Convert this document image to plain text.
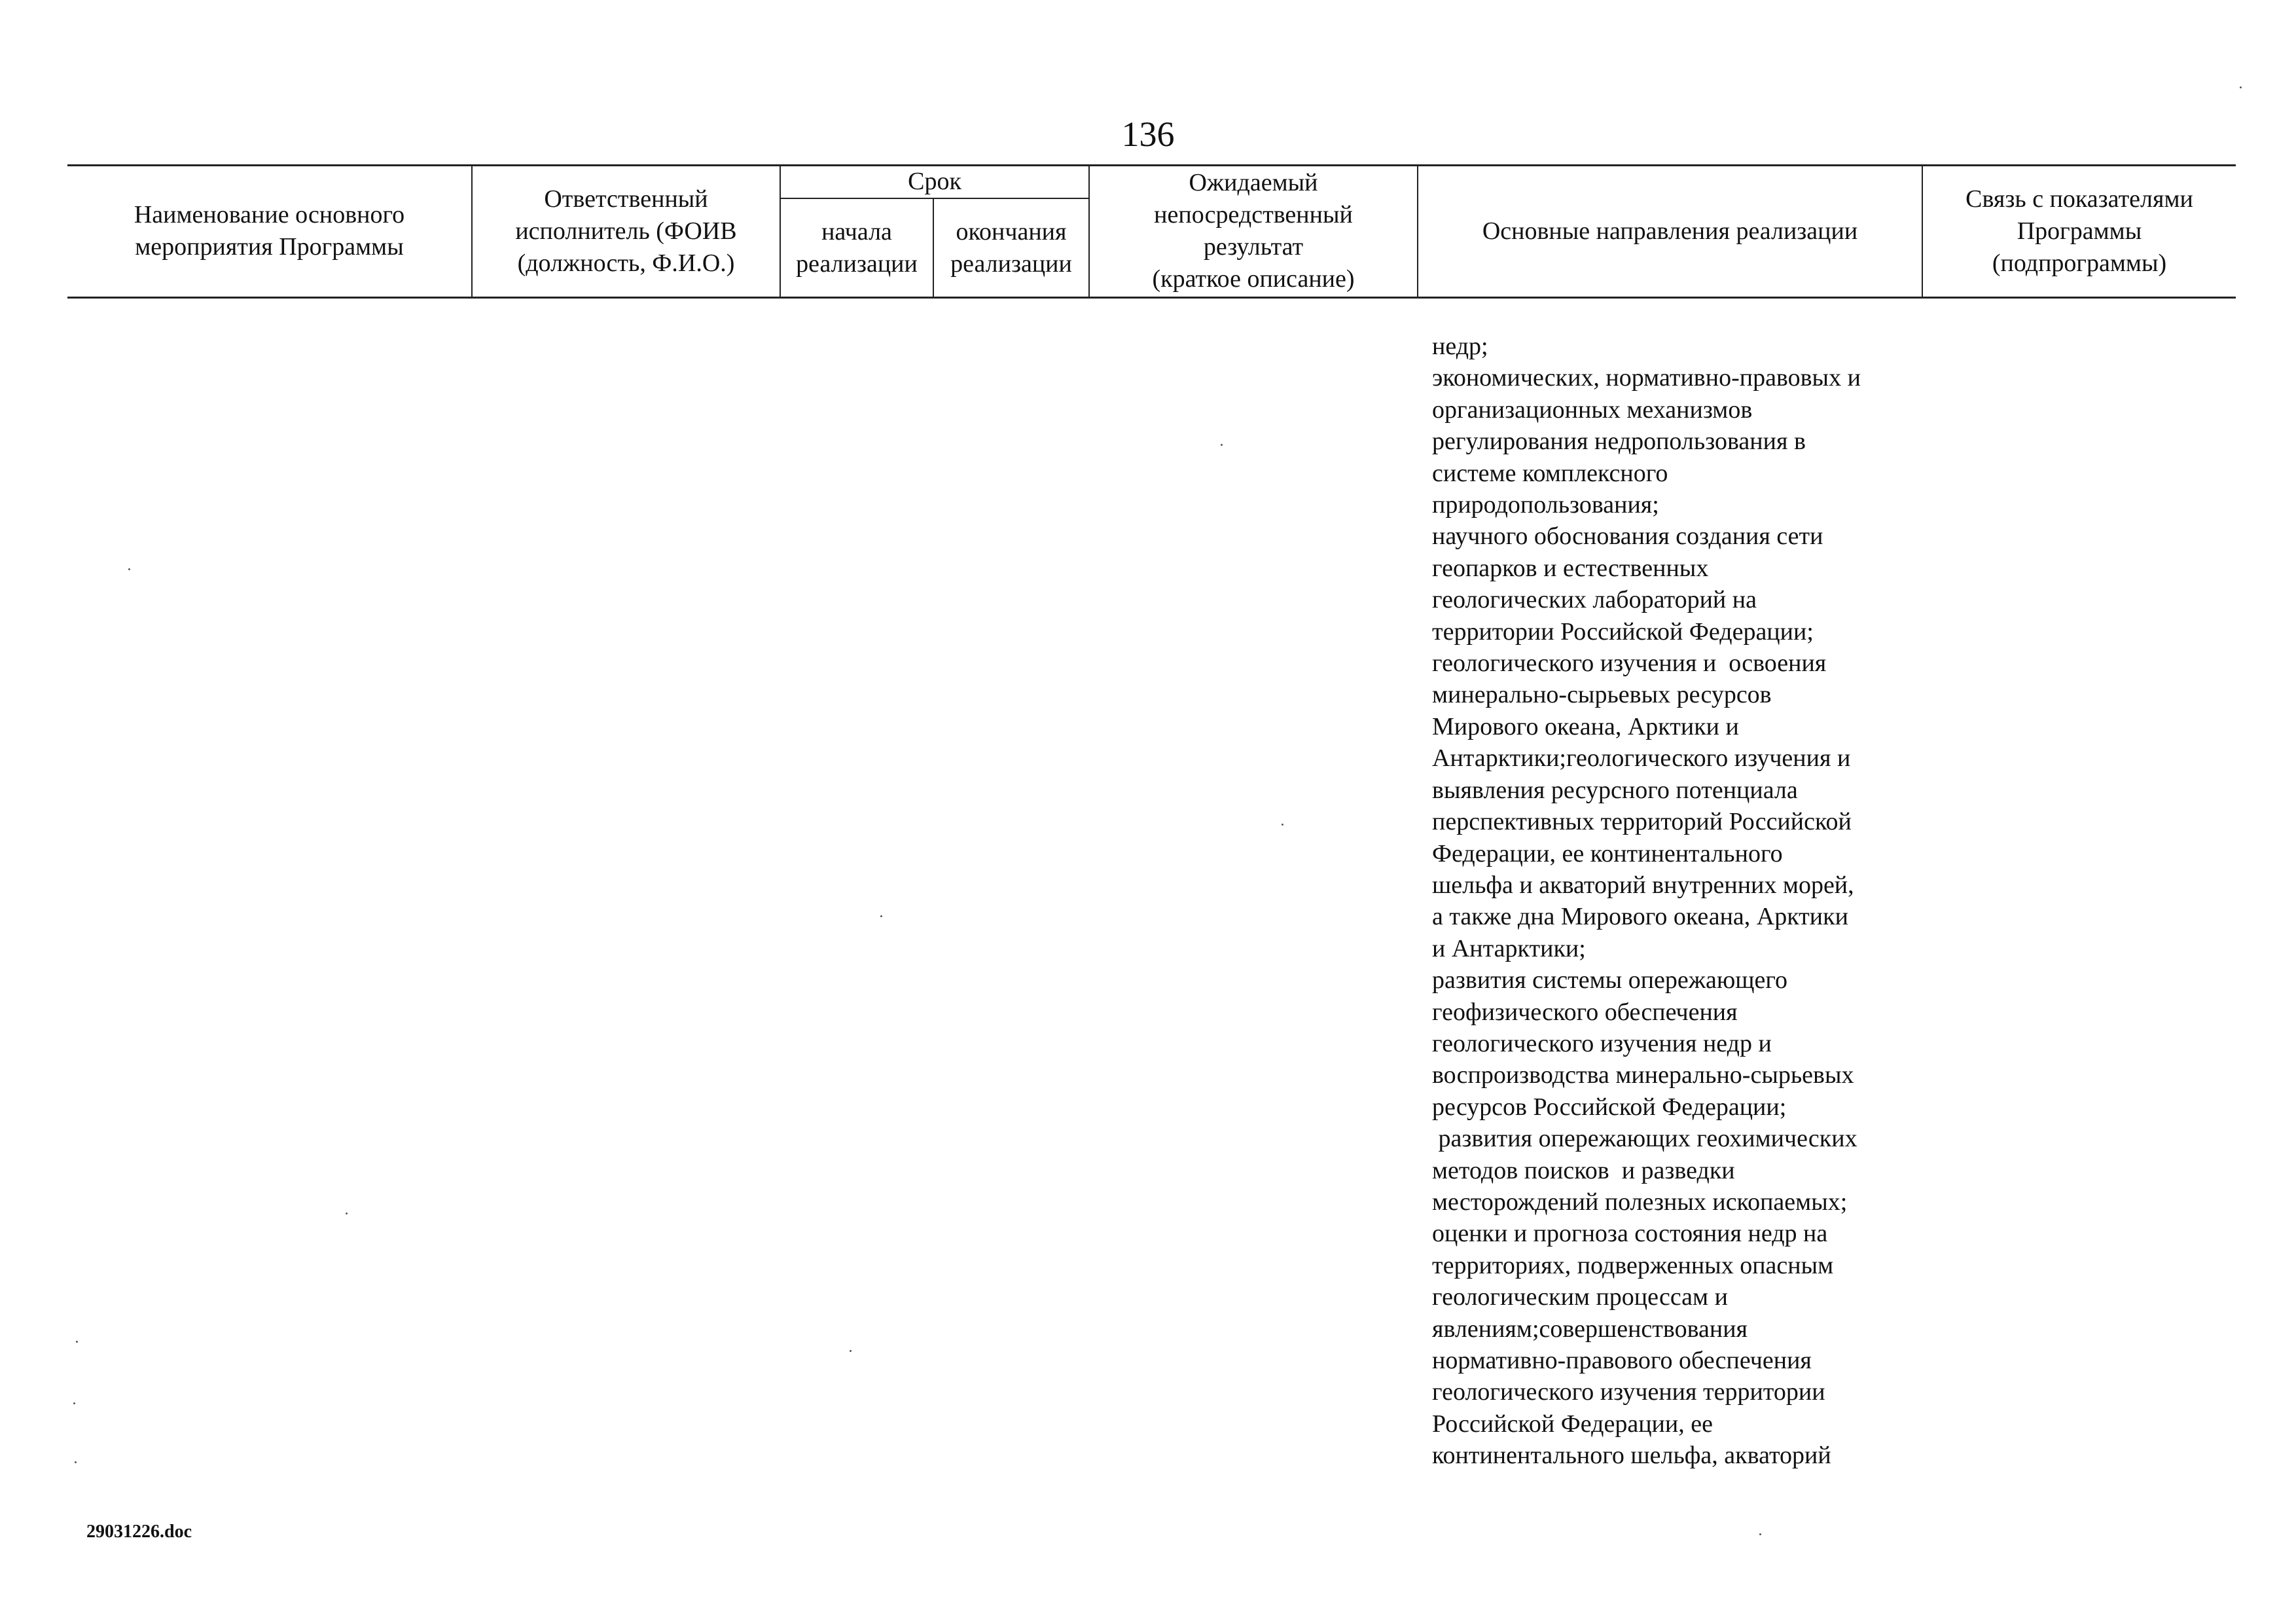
136
Наименование основного
мероприятия Программы
Ответственный
исполнитель (ФОИВ
(должность, Ф.И.О.)
Срок
начала
реализации
окончания
реализации
Ожидаемый
непосредственный
результат
(краткое описание)
Основные направления реализации
Связь с показателями
Программы
(подпрограммы)
недр;
экономических, нормативно-правовых и
организационных механизмов
регулирования недропользования в
системе комплексного
природопользования;
научного обоснования создания сети
геопарков и естественных
геологических лабораторий на
территории Российской Федерации;
геологического изучения и  освоения
минерально-сырьевых ресурсов
Мирового океана, Арктики и
Антарктики;геологического изучения и
выявления ресурсного потенциала
перспективных территорий Российской
Федерации, ее континентального
шельфа и акваторий внутренних морей,
а также дна Мирового океана, Арктики
и Антарктики;
развития системы опережающего
геофизического обеспечения
геологического изучения недр и
воспроизводства минерально-сырьевых
ресурсов Российской Федерации;
развития опережающих геохимических
методов поисков  и разведки
месторождений полезных ископаемых;
оценки и прогноза состояния недр на
территориях, подверженных опасным
геологическим процессам и
явлениям;совершенствования
нормативно-правового обеспечения
геологического изучения территории
Российской Федерации, ее
континентального шельфа, акваторий
29031226.doc
